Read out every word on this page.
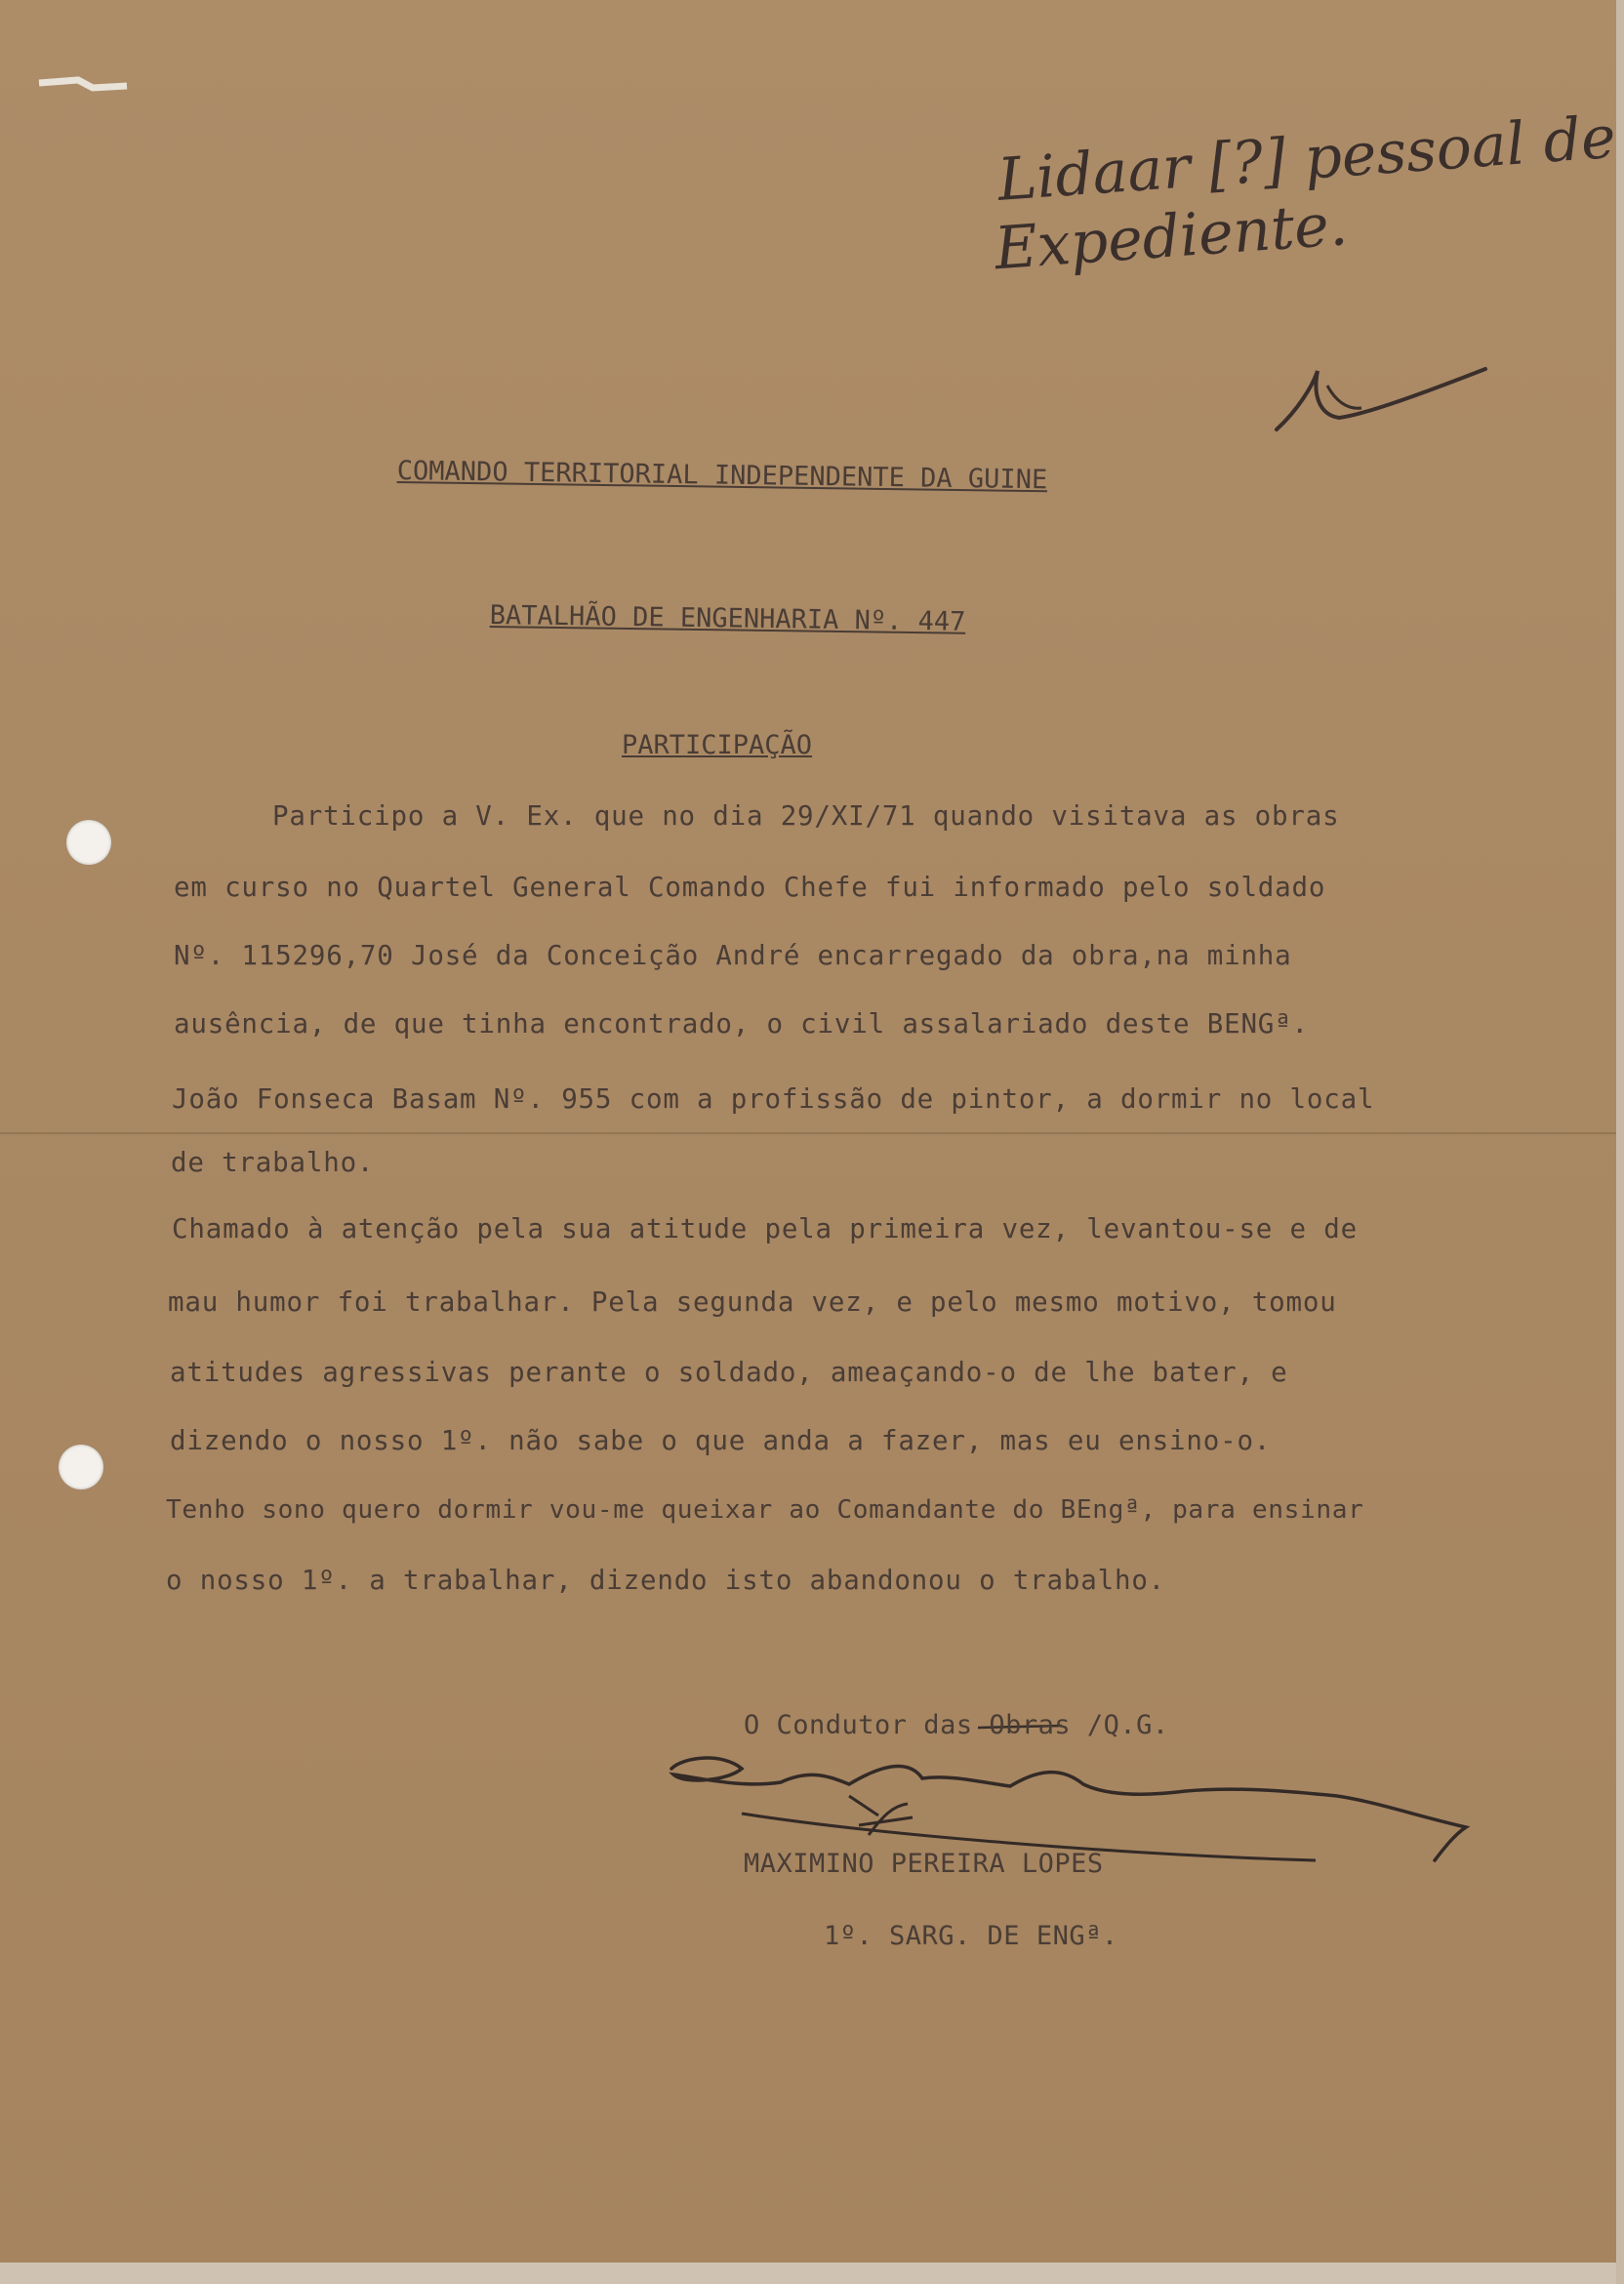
Lidaar [?] pessoal de
Expediente.
COMANDO TERRITORIAL INDEPENDENTE DA GUINE
BATALHÃO DE ENGENHARIA Nº. 447
PARTICIPAÇÃO
Participo a V. Ex. que no dia 29/XI/71 quando visitava as obras
em curso no Quartel General Comando Chefe fui informado pelo soldado
Nº. 115296,70 José da Conceição André encarregado da obra,na minha
ausência, de que tinha encontrado, o civil assalariado deste BENGª.
João Fonseca Basam Nº. 955 com a profissão de pintor, a dormir no local
de trabalho.
Chamado à atenção pela sua atitude pela primeira vez, levantou-se e de
mau humor foi trabalhar. Pela segunda vez, e pelo mesmo motivo, tomou
atitudes agressivas perante o soldado, ameaçando-o de lhe bater, e
dizendo o nosso 1º. não sabe o que anda a fazer, mas eu ensino-o.
Tenho sono quero dormir vou-me queixar ao Comandante do BEngª, para ensinar
o nosso 1º. a trabalhar, dizendo isto abandonou o trabalho.
O Condutor das Obras /Q.G.
MAXIMINO PEREIRA LOPES
1º. SARG. DE ENGª.
